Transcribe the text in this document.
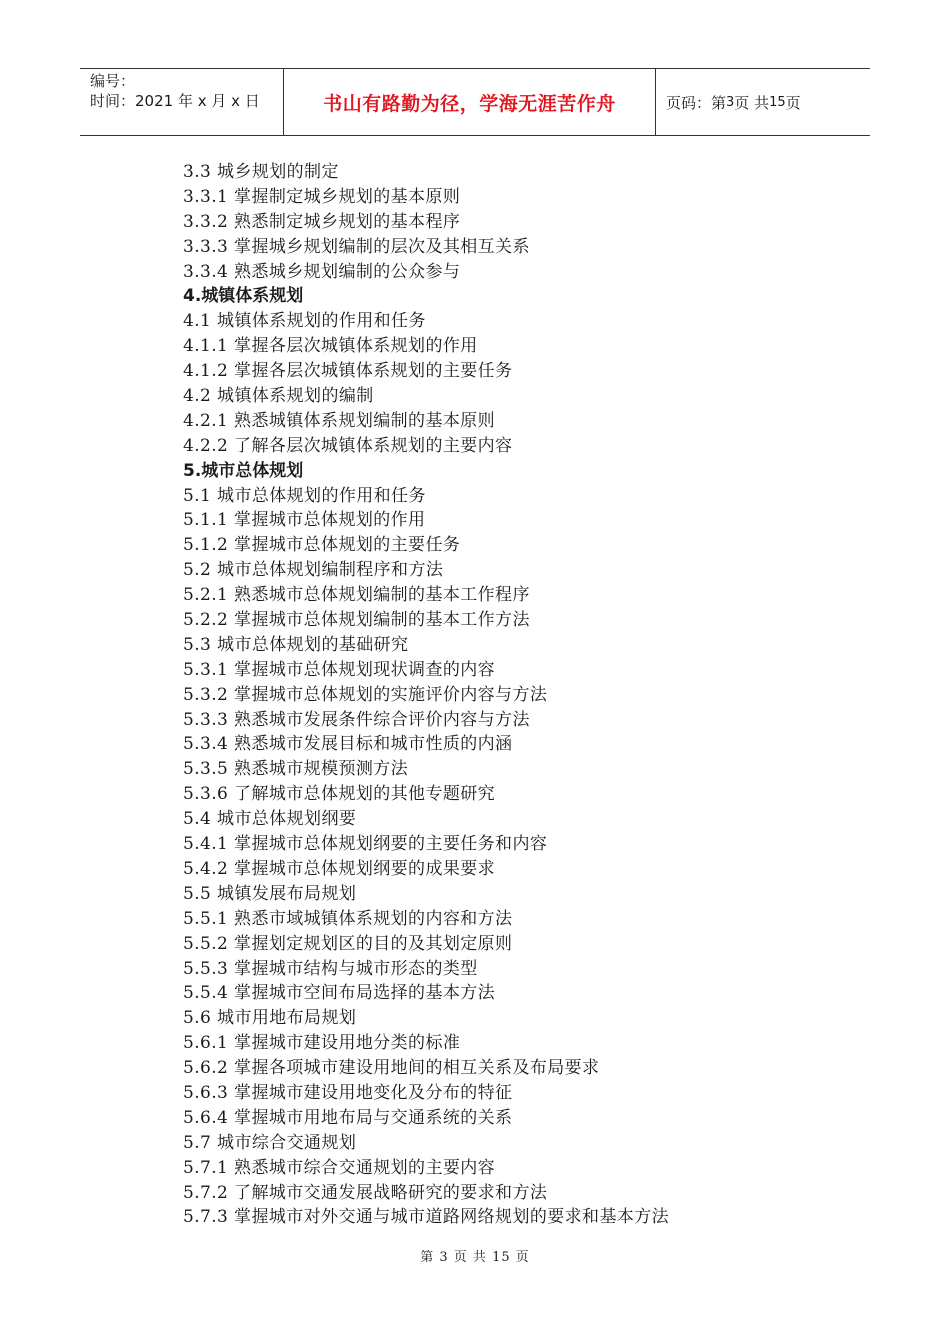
编号：
时间：2021 年 x 月 x 日	书山有路勤为径，学海无涯苦作舟	页码：第 3 页 共 15 页
3.3 城乡规划的制定
3.3.1 掌握制定城乡规划的基本原则
3.3.2 熟悉制定城乡规划的基本程序
3.3.3 掌握城乡规划编制的层次及其相互关系
3.3.4 熟悉城乡规划编制的公众参与
4.城镇体系规划
4.1 城镇体系规划的作用和任务
4.1.1 掌握各层次城镇体系规划的作用
4.1.2 掌握各层次城镇体系规划的主要任务
4.2 城镇体系规划的编制
4.2.1 熟悉城镇体系规划编制的基本原则
4.2.2 了解各层次城镇体系规划的主要内容
5.城市总体规划
5.1 城市总体规划的作用和任务
5.1.1 掌握城市总体规划的作用
5.1.2 掌握城市总体规划的主要任务
5.2 城市总体规划编制程序和方法
5.2.1 熟悉城市总体规划编制的基本工作程序
5.2.2 掌握城市总体规划编制的基本工作方法
5.3 城市总体规划的基础研究
5.3.1 掌握城市总体规划现状调查的内容
5.3.2 掌握城市总体规划的实施评价内容与方法
5.3.3 熟悉城市发展条件综合评价内容与方法
5.3.4 熟悉城市发展目标和城市性质的内涵
5.3.5 熟悉城市规模预测方法
5.3.6 了解城市总体规划的其他专题研究
5.4 城市总体规划纲要
5.4.1 掌握城市总体规划纲要的主要任务和内容
5.4.2 掌握城市总体规划纲要的成果要求
5.5 城镇发展布局规划
5.5.1 熟悉市域城镇体系规划的内容和方法
5.5.2 掌握划定规划区的目的及其划定原则
5.5.3 掌握城市结构与城市形态的类型
5.5.4 掌握城市空间布局选择的基本方法
5.6 城市用地布局规划
5.6.1 掌握城市建设用地分类的标准
5.6.2 掌握各项城市建设用地间的相互关系及布局要求
5.6.3 掌握城市建设用地变化及分布的特征
5.6.4 掌握城市用地布局与交通系统的关系
5.7 城市综合交通规划
5.7.1 熟悉城市综合交通规划的主要内容
5.7.2 了解城市交通发展战略研究的要求和方法
5.7.3 掌握城市对外交通与城市道路网络规划的要求和基本方法
第 3 页 共 15 页
